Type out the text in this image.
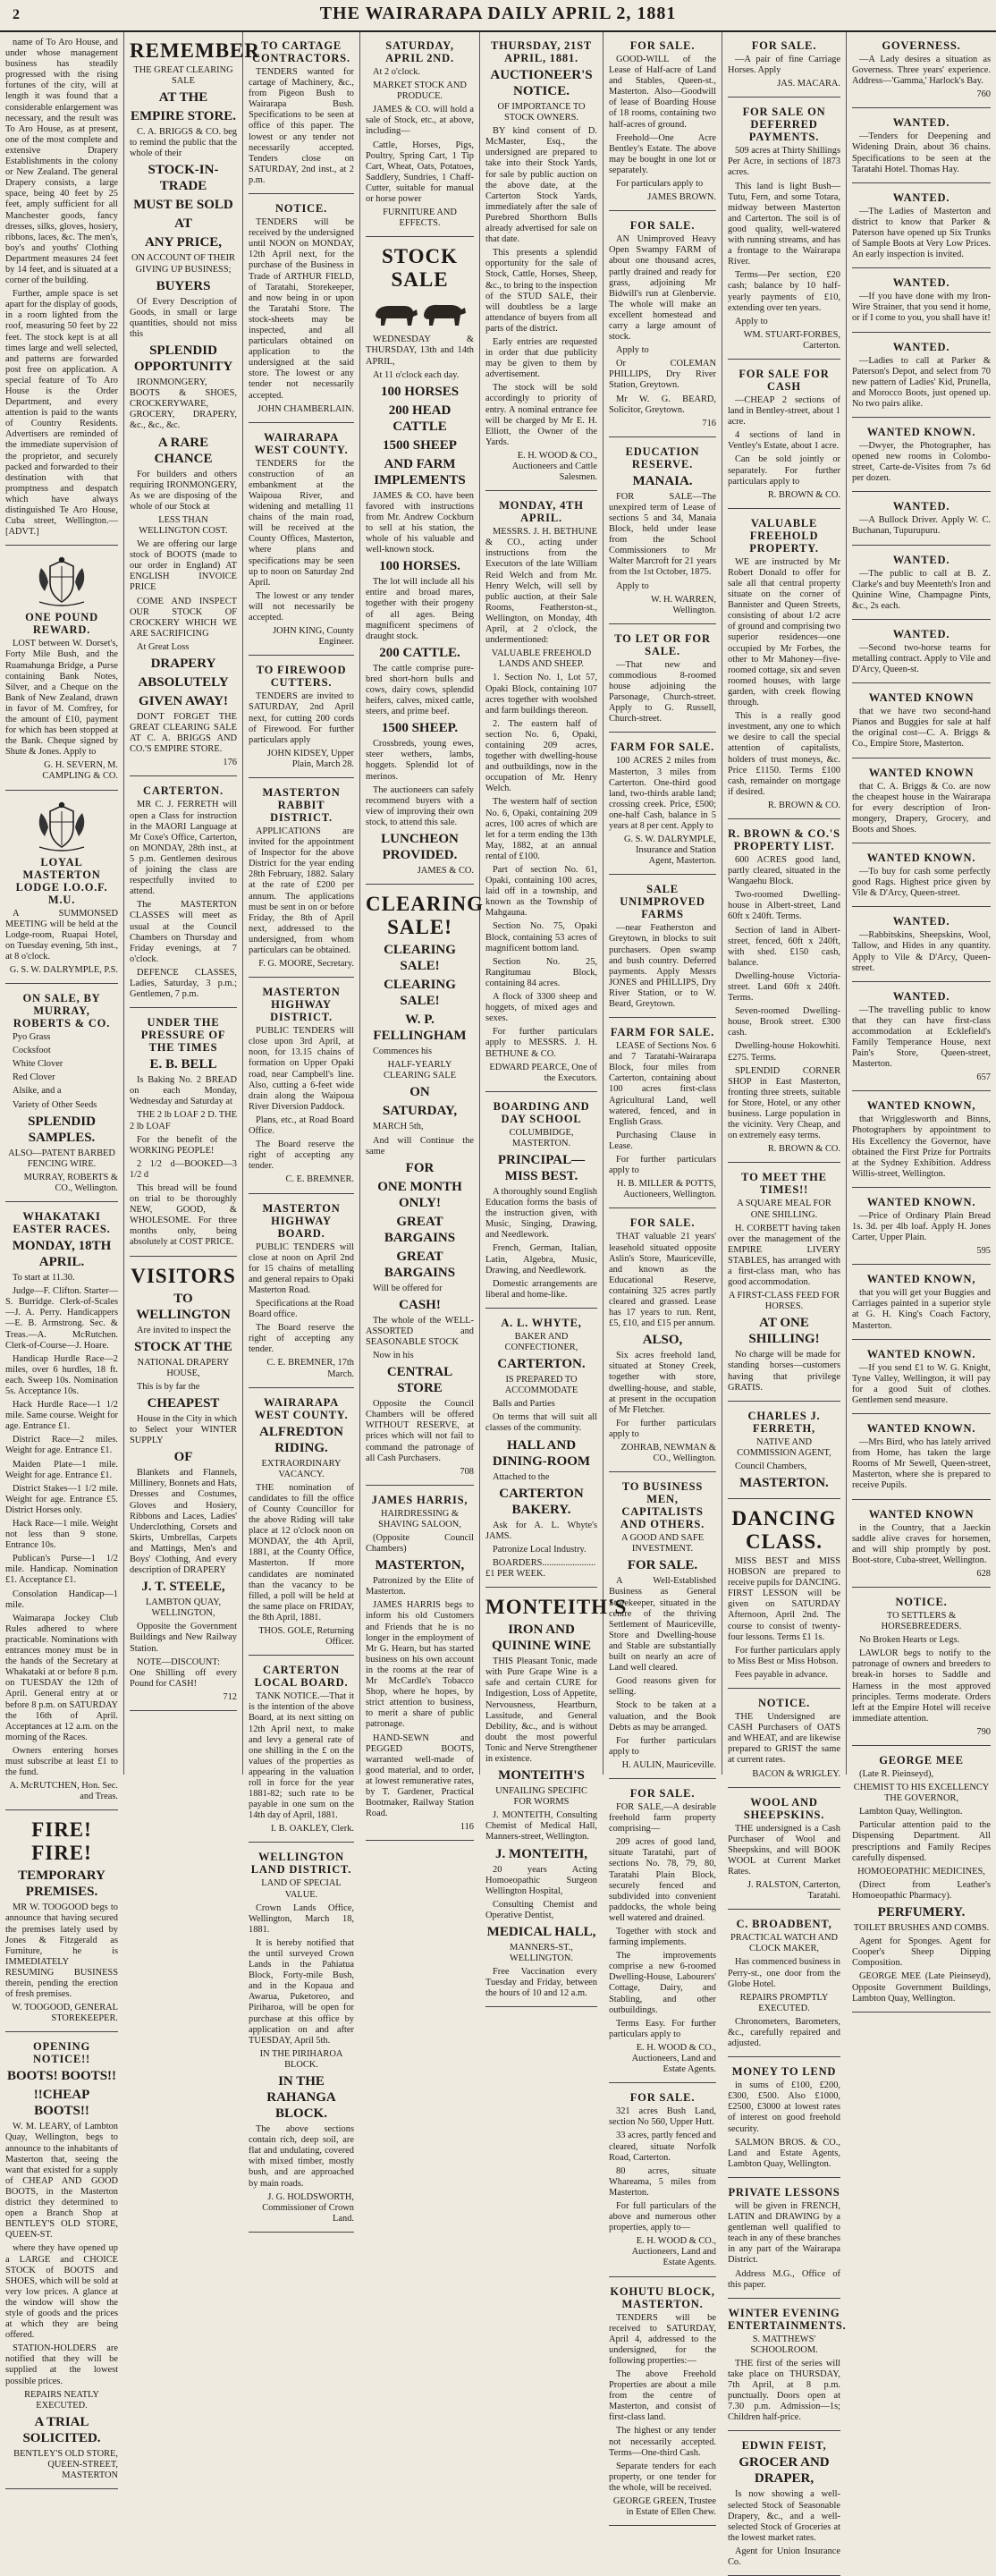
2	THE WAIRARAPA DAILY APRIL 2, 1881

name of To Aro House, and under whose management business has steadily progressed with the rising fortunes of the city, will at length it was found that a considerable enlargement was necessary, and the result was To Aro House, as at present, one of the most complete and extensive Drapery Establishments in the colony or New Zealand. The general Drapery consists, a large space, being 40 feet by 25 feet, amply sufficient for all Manchester goods, fancy dresses, silks, gloves, hosiery, ribbons, laces, &c. The men's, boy's and youths' Clothing Department measures 24 feet by 14 feet, and is situated at a corner of the building.

Further, ample space is set apart for the display of goods, in a room lighted from the roof, measuring 50 feet by 22 feet. The stock kept is at all times large and well selected, and patterns are forwarded post free on application. A special feature of To Aro House is the Order Department, and every attention is paid to the wants of Country Residents. Advertisers are reminded of the immediate supervision of the proprietor, and securely packed and forwarded to their destination with that promptness and despatch which have always distinguished Te Aro House, Cuba street, Wellington.—[ADVT.]

ONE POUND REWARD.

LOST between W. Dorset's, Forty Mile Bush, and the Ruamahunga Bridge, a Purse containing Bank Notes, Silver, and a Cheque on the Bank of New Zealand, drawn in favor of M. Comfrey, for the amount of £10, payment for which has been stopped at the Bank. Cheque signed by Shute & Jones. Apply to

G. H. SEVERN, M. CAMPLING & CO.

LOYAL MASTERTON LODGE I.O.O.F. M.U.

A SUMMONSED MEETING will be held at the Lodge-room, Ruapai Hotel, on Tuesday evening, 5th inst., at 8 o'clock.

G. S. W. DALRYMPLE, P.S.

ON SALE, BY MURRAY, ROBERTS & CO.

Pyo Grass

Cocksfoot

White Clover

Red Clover

Alsike, and a

Variety of Other Seeds

SPLENDID SAMPLES.

ALSO—PATENT BARBED FENCING WIRE.

MURRAY, ROBERTS & CO., Wellington.

WHAKATAKI EASTER RACES.

MONDAY, 18TH APRIL.

To start at 11.30.

Judge—F. Clifton. Starter—S. Burridge. Clerk-of-Scales—J. A. Perry. Handicappers—E. B. Armstrong. Sec. & Treas.—A. McRutchen. Clerk-of-Course—J. Hoare.

Handicap Hurdle Race—2 miles, over 6 hurdles, 18 ft. each. Sweep 10s. Nomination 5s. Acceptance 10s.

Hack Hurdle Race—1 1/2 mile. Same course. Weight for age. Entrance £1.

District Race—2 miles. Weight for age. Entrance £1.

Maiden Plate—1 mile. Weight for age. Entrance £1.

District Stakes—1 1/2 mile. Weight for age. Entrance £5. District Horses only.

Hack Race—1 mile. Weight not less than 9 stone. Entrance 10s.

Publican's Purse—1 1/2 mile. Handicap. Nomination £1. Acceptance £1.

Consolation Handicap—1 mile.

Waimarapa Jockey Club Rules adhered to where practicable. Nominations with entrances money must be in the hands of the Secretary at Whakataki at or before 8 p.m. on TUESDAY the 12th of April. General entry at or before 8 p.m. on SATURDAY the 16th of April. Acceptances at 12 a.m. on the morning of the Races.

Owners entering horses must subscribe at least £1 to the fund.

A. McRUTCHEN, Hon. Sec. and Treas.

FIRE! FIRE!

TEMPORARY PREMISES.

MR W. TOOGOOD begs to announce that having secured the premises lately used by Jones & Fitzgerald as Furniture, he is IMMEDIATELY RESUMING BUSINESS therein, pending the erection of fresh premises.

W. TOOGOOD, GENERAL STOREKEEPER.

OPENING NOTICE!!

BOOTS! BOOTS!!

!!CHEAP BOOTS!!

W. M. LEARY, of Lambton Quay, Wellington, begs to announce to the inhabitants of Masterton that, seeing the want that existed for a supply of CHEAP AND GOOD BOOTS, in the Masterton district they determined to open a Branch Shop at BENTLEY'S OLD STORE, QUEEN-ST.

where they have opened up a LARGE and CHOICE STOCK of BOOTS and SHOES, which will be sold at very low prices. A glance at the window will show the style of goods and the prices at which they are being offered.

STATION-HOLDERS are notified that they will be supplied at the lowest possible prices.

REPAIRS NEATLY EXECUTED.

A TRIAL SOLICITED.

BENTLEY'S OLD STORE, QUEEN-STREET, MASTERTON

REMEMBER

THE GREAT CLEARING SALE

AT THE

EMPIRE STORE.

C. A. BRIGGS & CO. beg to remind the public that the whole of their

STOCK-IN-TRADE

MUST BE SOLD

AT

ANY PRICE,

ON ACCOUNT OF THEIR GIVING UP BUSINESS;

BUYERS

Of Every Description of Goods, in small or large quantities, should not miss this

SPLENDID OPPORTUNITY

IRONMONGERY, BOOTS & SHOES, CROCKERYWARE, GROCERY, DRAPERY, &c., &c., &c.

A RARE CHANCE

For builders and others requiring IRONMONGERY, As we are disposing of the whole of our Stock at

LESS THAN WELLINGTON COST.

We are offering our large stock of BOOTS (made to our order in England) AT ENGLISH INVOICE PRICE

COME AND INSPECT OUR STOCK OF CROCKERY WHICH WE ARE SACRIFICING

At Great Loss

DRAPERY

ABSOLUTELY

GIVEN AWAY!

DON'T FORGET THE GREAT CLEARING SALE AT C. A. BRIGGS AND CO.'S EMPIRE STORE.

176

CARTERTON.

MR C. J. FERRETH will open a Class for instruction in the MAORI Language at Mr Coxe's Office, Carterton, on MONDAY, 28th inst., at 5 p.m. Gentlemen desirous of joining the class are respectfully invited to attend.

The MASTERTON CLASSES will meet as usual at the Council Chambers on Thursday and Friday evenings, at 7 o'clock.

DEFENCE CLASSES, Ladies, Saturday, 3 p.m.; Gentlemen, 7 p.m.

UNDER THE PRESSURE OF THE TIMES

E. B. BELL

Is Baking No. 2 BREAD on each Monday, Wednesday and Saturday at

THE 2 lb LOAF 2 D. THE 2 lb LOAF

For the benefit of the WORKING PEOPLE!

2 1/2 d—BOOKED—3 1/2 d

This bread will be found on trial to be thoroughly NEW, GOOD, & WHOLESOME. For three months only, being absolutely at COST PRICE.

VISITORS

TO WELLINGTON

Are invited to inspect the

STOCK AT THE

NATIONAL DRAPERY HOUSE,

This is by far the

CHEAPEST

House in the City in which to Select your WINTER SUPPLY

OF

Blankets and Flannels, Millinery, Bonnets and Hats, Dresses and Costumes, Gloves and Hosiery, Ribbons and Laces, Ladies' Underclothing, Corsets and Skirts, Umbrellas, Carpets and Mattings, Men's and Boys' Clothing, And every description of DRAPERY

J. T. STEELE,

LAMBTON QUAY, WELLINGTON,

Opposite the Government Buildings and New Railway Station.

NOTE—DISCOUNT: One Shilling off every Pound for CASH!

712

TO CARTAGE CONTRACTORS.

TENDERS wanted for cartage of Machinery, &c., from Pigeon Bush to Wairarapa Bush. Specifications to be seen at office of this paper. The lowest or any tender not necessarily accepted. Tenders close on SATURDAY, 2nd inst., at 2 p.m.

NOTICE.

TENDERS will be received by the undersigned until NOON on MONDAY, 12th April next, for the purchase of the Business in Trade of ARTHUR FIELD, of Taratahi, Storekeeper, and now being in or upon the Taratahi Store. The stock-sheets may be inspected, and all particulars obtained on application to the undersigned at the said store. The lowest or any tender not necessarily accepted.

JOHN CHAMBERLAIN.

WAIRARAPA WEST COUNTY.

TENDERS for the construction of an embankment at the Waipoua River, and widening and metalling 11 chains of the main road, will be received at the County Offices, Masterton, where plans and specifications may be seen up to noon on Saturday 2nd April.

The lowest or any tender will not necessarily be accepted.

JOHN KING, County Engineer.

TO FIREWOOD CUTTERS.

TENDERS are invited to SATURDAY, 2nd April next, for cutting 200 cords of Firewood. For further particulars apply

JOHN KIDSEY, Upper Plain, March 28.

MASTERTON RABBIT DISTRICT.

APPLICATIONS are invited for the appointment of Inspector for the above District for the year ending 28th February, 1882. Salary at the rate of £200 per annum. The applications must be sent in on or before Friday, the 8th of April next, addressed to the undersigned, from whom particulars can be obtained.

F. G. MOORE, Secretary.

MASTERTON HIGHWAY DISTRICT.

PUBLIC TENDERS will close upon 3rd April, at noon, for 13.15 chains of formation on Upper Opaki road, near Campbell's line. Also, cutting a 6-feet wide drain along the Waipoua River Diversion Paddock.

Plans, etc., at Road Board Office.

The Board reserve the right of accepting any tender.

C. E. BREMNER.

MASTERTON HIGHWAY BOARD.

PUBLIC TENDERS will close at noon on April 2nd for 15 chains of metalling and general repairs to Opaki Masterton Road.

Specifications at the Road Board office.

The Board reserve the right of accepting any tender.

C. E. BREMNER, 17th March.

WAIRARAPA WEST COUNTY.

ALFREDTON RIDING.

EXTRAORDINARY VACANCY.

THE nomination of candidates to fill the office of County Councillor for the above Riding will take place at 12 o'clock noon on MONDAY, the 4th April, 1881, at the County Office, Masterton. If more candidates are nominated than the vacancy to be filled, a poll will be held at the same place on FRIDAY, the 8th April, 1881.

THOS. GOLE, Returning Officer.

CARTERTON LOCAL BOARD.

TANK NOTICE.—That it is the intention of the above Board, at its next sitting on 12th April next, to make and levy a general rate of one shilling in the £ on the values of the properties as appearing in the valuation roll in force for the year 1881-82; such rate to be payable in one sum on the 14th day of April, 1881.

I. B. OAKLEY, Clerk.

WELLINGTON LAND DISTRICT.

LAND OF SPECIAL VALUE.

Crown Lands Office, Wellington, March 18, 1881.

It is hereby notified that the until surveyed Crown Lands in the Pahiatua Block, Forty-mile Bush, and in the Kopaua and Awarua, Puketoreo, and Piriharoa, will be open for purchase at this office by application on and after TUESDAY, April 5th.

IN THE PIRIHAROA BLOCK.

IN THE RAHANGA BLOCK.

The above sections contain rich, deep soil, are flat and undulating, covered with mixed timber, mostly bush, and are approached by main roads.

J. G. HOLDSWORTH, Commissioner of Crown Land.

SATURDAY, APRIL 2ND.

At 2 o'clock.

MARKET STOCK AND PRODUCE.

JAMES & CO. will hold a sale of Stock, etc., at above, including—

Cattle, Horses, Pigs, Poultry, Spring Cart, 1 Tip Cart, Wheat, Oats, Potatoes, Saddlery, Sundries, 1 Chaff-Cutter, suitable for manual or horse power

FURNITURE AND EFFECTS.

STOCK SALE

WEDNESDAY & THURSDAY, 13th and 14th APRIL,

At 11 o'clock each day.

100 HORSES

200 HEAD CATTLE

1500 SHEEP

AND FARM IMPLEMENTS

JAMES & CO. have been favored with instructions from Mr. Andrew Cockburn to sell at his station, the whole of his valuable and well-known stock.

100 HORSES.

The lot will include all his entire and broad mares, together with their progeny of all ages. Being magnificent specimens of draught stock.

200 CATTLE.

The cattle comprise pure-bred short-horn bulls and cows, dairy cows, splendid heifers, calves, mixed cattle, steers, and prime beef.

1500 SHEEP.

Crossbreds, young ewes, steer wethers, lambs, hoggets. Splendid lot of merinos.

The auctioneers can safely recommend buyers with a view of improving their own stock, to attend this sale.

LUNCHEON PROVIDED.

JAMES & CO.

CLEARING SALE!

CLEARING SALE!

CLEARING SALE!

W. P. FELLINGHAM

Commences his

HALF-YEARLY CLEARING SALE

ON

SATURDAY,

MARCH 5th,

And will Continue the same

FOR

ONE MONTH ONLY!

GREAT BARGAINS

GREAT BARGAINS

Will be offered for

CASH!

The whole of the WELL-ASSORTED and SEASONABLE STOCK

Now in his

CENTRAL STORE

Opposite the Council Chambers will be offered WITHOUT RESERVE, at prices which will not fail to command the patronage of all Cash Purchasers.

708

JAMES HARRIS,

HAIRDRESSING & SHAVING SALOON,

(Opposite Council Chambers)

MASTERTON,

Patronized by the Elite of Masterton.

JAMES HARRIS begs to inform his old Customers and Friends that he is no longer in the employment of Mr G. Hearn, but has started business on his own account in the rooms at the rear of Mr McCardle's Tobacco Shop, where he hopes, by strict attention to business, to merit a share of public patronage.

HAND-SEWN and PEGGED BOOTS, warranted well-made of good material, and to order, at lowest remunerative rates, by T. Gardener, Practical Bootmaker, Railway Station Road.

116

THURSDAY, 21ST APRIL, 1881.

AUCTIONEER'S NOTICE.

OF IMPORTANCE TO STOCK OWNERS.

BY kind consent of D. McMaster, Esq., the undersigned are prepared to take into their Stock Yards, for sale by public auction on the above date, at the Carterton Stock Yards, immediately after the sale of Purebred Shorthorn Bulls already advertised for sale on that date.

This presents a splendid opportunity for the sale of Stock, Cattle, Horses, Sheep, &c., to bring to the inspection of the STUD SALE, their will doubtless be a large attendance of buyers from all parts of the district.

Early entries are requested in order that due publicity may be given to them by advertisement.

The stock will be sold accordingly to priority of entry. A nominal entrance fee will be charged by Mr E. H. Elliott, the Owner of the Yards.

E. H. WOOD & CO., Auctioneers and Cattle Salesmen.

MONDAY, 4TH APRIL.

MESSRS. J. H. BETHUNE & CO., acting under instructions from the Executors of the late William Reid Welch and from Mr. Henry Welch, will sell by public auction, at their Sale Rooms, Featherston-st., Wellington, on Monday, 4th April, at 2 o'clock, the undermentioned:

VALUABLE FREEHOLD LANDS AND SHEEP.

1. Section No. 1, Lot 57, Opaki Block, containing 107 acres together with woolshed and farm buildings thereon.

2. The eastern half of section No. 6, Opaki, containing 209 acres, together with dwelling-house and outbuildings, now in the occupation of Mr. Henry Welch.

The western half of section No. 6, Opaki, containing 209 acres, 100 acres of which are let for a term ending the 13th May, 1882, at an annual rental of £100.

Part of section No. 61, Opaki, containing 100 acres, laid off in a township, and known as the Township of Mahgauna.

Section No. 75, Opaki Block, containing 53 acres of magnificent bottom land.

Section No. 25, Rangitumau Block, containing 84 acres.

A flock of 3300 sheep and hoggets, of mixed ages and sexes.

For further particulars apply to MESSRS. J. H. BETHUNE & CO.

EDWARD PEARCE, One of the Executors.

BOARDING AND DAY SCHOOL

COLUMBIDGE, MASTERTON.

PRINCIPAL—MISS BEST.

A thoroughly sound English Education forms the basis of the instruction given, with Music, Singing, Drawing, and Needlework.

French, German, Italian, Latin, Algebra, Music, Drawing, and Needlework.

Domestic arrangements are liberal and home-like.

A. L. WHYTE,

BAKER AND CONFECTIONER,

CARTERTON.

IS PREPARED TO ACCOMMODATE

Balls and Parties

On terms that will suit all classes of the community.

HALL AND DINING-ROOM

Attached to the

CARTERTON BAKERY.

Ask for A. L. Whyte's JAMS.

Patronize Local Industry.

BOARDERS.......................£1 PER WEEK.

MONTEITH'S

IRON AND QUININE WINE

THIS Pleasant Tonic, made with Pure Grape Wine is a safe and certain CURE for Indigestion, Loss of Appetite, Nervousness, Heartburn, Lassitude, and General Debility, &c., and is without doubt the most powerful Tonic and Nerve Strengthener in existence.

MONTEITH'S

UNFAILING SPECIFIC FOR WORMS

J. MONTEITH, Consulting Chemist of Medical Hall, Manners-street, Wellington.

J. MONTEITH,

20 years Acting Homoeopathic Surgeon Wellington Hospital,

Consulting Chemist and Operative Dentist,

MEDICAL HALL,

MANNERS-ST., WELLINGTON.

Free Vaccination every Tuesday and Friday, between the hours of 10 and 12 a.m.

FOR SALE.

GOOD-WILL of the Lease of Half-acre of Land and Stables, Queen-st., Masterton. Also—Goodwill of lease of Boarding House of 18 rooms, containing two half-acres of ground.

Freehold—One Acre Bentley's Estate. The above may be bought in one lot or separately.

For particulars apply to

JAMES BROWN.

FOR SALE.

AN Unimproved Heavy Open Swampy FARM of about one thousand acres, partly drained and ready for grass, adjoining Mr Bidwill's run at Glenbervie. The whole will make an excellent homestead and carry a large amount of stock.

Apply to

Or COLEMAN PHILLIPS, Dry River Station, Greytown.

Mr W. G. BEARD, Solicitor, Greytown.

716

EDUCATION RESERVE.

MANAIA.

FOR SALE—The unexpired term of Lease of sections 5 and 34, Manaia Block, held under lease from the School Commissioners to Mr Walter Marcroft for 21 years from the 1st October, 1875.

Apply to

W. H. WARREN, Wellington.

TO LET OR FOR SALE.

—That new and commodious 8-roomed house adjoining the Parsonage, Church-street. Apply to G. Russell, Church-street.

FARM FOR SALE.

100 ACRES 2 miles from Masterton, 3 miles from Carterton. One-third good land, two-thirds arable land; crossing creek. Price, £500; one-half Cash, balance in 5 years at 8 per cent. Apply to

G. S. W. DALRYMPLE, Insurance and Station Agent, Masterton.

SALE UNIMPROVED FARMS

—near Featherston and Greytown, in blocks to suit purchasers. Open swamp and bush country. Deferred payments. Apply Messrs JONES and PHILLIPS, Dry River Station, or to W. Beard, Greytown.

FARM FOR SALE.

LEASE of Sections Nos. 6 and 7 Taratahi-Wairarapa Block, four miles from Carterton, containing about 100 acres first-class Agricultural Land, well watered, fenced, and in English Grass.

Purchasing Clause in Lease.

For further particulars apply to

H. B. MILLER & POTTS, Auctioneers, Wellington.

FOR SALE.

THAT valuable 21 years' leasehold situated opposite Aslin's Store, Mauriceville, and known as the Educational Reserve, containing 325 acres partly cleared and grassed. Lease has 17 years to run. Rent, £5, £10, and £15 per annum.

ALSO,

Six acres freehold land, situated at Stoney Creek, together with store, dwelling-house, and stable, at present in the occupation of Mr Fletcher.

For further particulars apply to

ZOHRAB, NEWMAN & CO., Wellington.

TO BUSINESS MEN, CAPITALISTS AND OTHERS.

A GOOD AND SAFE INVESTMENT.

FOR SALE.

A Well-Established Business as General Storekeeper, situated in the centre of the thriving Settlement of Mauriceville, Store and Dwelling-house and Stable are substantially built on nearly an acre of Land well cleared.

Good reasons given for selling.

Stock to be taken at a valuation, and the Book Debts as may be arranged.

For further particulars apply to

H. AULIN, Mauriceville.

FOR SALE.

FOR SALE,—A desirable freehold farm property comprising—

209 acres of good land, situate Taratahi, part of sections No. 78, 79, 80, Taratahi Plain Block, securely fenced and subdivided into convenient paddocks, the whole being well watered and drained.

Together with stock and farming implements.

The improvements comprise a new 6-roomed Dwelling-House, Labourers' Cottage, Dairy, and Stabling, and other outbuildings.

Terms Easy. For further particulars apply to

E. H. WOOD & CO., Auctioneers, Land and Estate Agents.

FOR SALE.

321 acres Bush Land, section No 560, Upper Hutt.

33 acres, partly fenced and cleared, situate Norfolk Road, Carterton.

80 acres, situate Whareama, 5 miles from Masterton.

For full particulars of the above and numerous other properties, apply to—

E. H. WOOD & CO., Auctioneers, Land and Estate Agents.

KOHUTU BLOCK, MASTERTON.

TENDERS will be received to SATURDAY, April 4, addressed to the undersigned, for the following properties:—

The above Freehold Properties are about a mile from the centre of Masterton, and consist of first-class land.

The highest or any tender not necessarily accepted. Terms—One-third Cash.

Separate tenders for each property, or one tender for the whole, will be received.

GEORGE GREEN, Trustee in Estate of Ellen Chew.

FOR SALE.

—A pair of fine Carriage Horses. Apply

JAS. MACARA.

FOR SALE ON DEFERRED PAYMENTS.

509 acres at Thirty Shillings Per Acre, in sections of 1873 acres.

This land is light Bush—Tutu, Fern, and some Totara, midway between Masterton and Carterton. The soil is of good quality, well-watered with running streams, and has a frontage to the Wairarapa River.

Terms—Per section, £20 cash; balance by 10 half-yearly payments of £10, extending over ten years.

Apply to

WM. STUART-FORBES, Carterton.

FOR SALE FOR CASH

—CHEAP 2 sections of land in Bentley-street, about 1 acre.

4 sections of land in Ventley's Estate, about 1 acre.

Can be sold jointly or separately. For further particulars apply to

R. BROWN & CO.

VALUABLE FREEHOLD PROPERTY.

WE are instructed by Mr Robert Donald to offer for sale all that central property situate on the corner of Bannister and Queen Streets, consisting of about 1/2 acre of ground and comprising two superior residences—one occupied by Mr Forbes, the other to Mr Mahoney—five-roomed cottage, six and seven roomed houses, with large garden, with creek flowing through.

This is a really good investment, any one to which we desire to call the special attention of capitalists, holders of trust moneys, &c. Price £1150. Terms £100 cash, remainder on mortgage if desired.

R. BROWN & CO.

R. BROWN & CO.'S PROPERTY LIST.

600 ACRES good land, partly cleared, situated in the Wangaehu Block.

Two-roomed Dwelling-house in Albert-street, Land 60ft x 240ft. Terms.

Section of land in Albert-street, fenced, 60ft x 240ft, with shed. £150 cash, balance.

Dwelling-house Victoria-street. Land 60ft x 240ft. Terms.

Seven-roomed Dwelling-house, Brook street. £300 cash.

Dwelling-house Hokowhiti. £275. Terms.

SPLENDID CORNER SHOP in East Masterton, fronting three streets, suitable for Store, Hotel, or any other business. Large population in the vicinity. Very Cheap, and on extremely easy terms.

R. BROWN & CO.

TO MEET THE TIMES!!

A SQUARE MEAL FOR ONE SHILLING.

H. CORBETT having taken over the management of the EMPIRE LIVERY STABLES, has arranged with a first-class man, who has good accommodation.

A FIRST-CLASS FEED FOR HORSES.

AT ONE SHILLING!

No charge will be made for standing horses—customers having that privilege GRATIS.

CHARLES J. FERRETH,

NATIVE AND COMMISSION AGENT,

Council Chambers,

MASTERTON.

DANCING CLASS.

MISS BEST and MISS HOBSON are prepared to receive pupils for DANCING. FIRST LESSON will be given on SATURDAY Afternoon, April 2nd. The course to consist of twenty-four lessons. Terms £1 1s.

For further particulars apply to Miss Best or Miss Hobson.

Fees payable in advance.

NOTICE.

THE Undersigned are CASH Purchasers of OATS and WHEAT, and are likewise prepared to GRIST the same at current rates.

BACON & WRIGLEY.

WOOL AND SHEEPSKINS.

THE undersigned is a Cash Purchaser of Wool and Sheepskins, and will BOOK WOOL at Current Market Rates.

J. RALSTON, Carterton, Taratahi.

C. BROADBENT,

PRACTICAL WATCH AND CLOCK MAKER,

Has commenced business in Perry-st., one door from the Globe Hotel.

REPAIRS PROMPTLY EXECUTED.

Chronometers, Barometers, &c., carefully repaired and adjusted.

MONEY TO LEND

in sums of £100, £200, £300, £500. Also £1000, £2500, £3000 at lowest rates of interest on good freehold security.

SALMON BROS. & CO., Land and Estate Agents, Lambton Quay, Wellington.

PRIVATE LESSONS

will be given in FRENCH, LATIN and DRAWING by a gentleman well qualified to teach in any of these branches in any part of the Wairarapa District.

Address M.G., Office of this paper.

WINTER EVENING ENTERTAINMENTS.

S. MATTHEWS' SCHOOLROOM.

THE first of the series will take place on THURSDAY, 7th April, at 8 p.m. punctually. Doors open at 7.30 p.m. Admission—1s; Children half-price.

EDWIN FEIST,

GROCER AND DRAPER,

Is now showing a well-selected Stock of Seasonable Drapery, &c., and a well-selected Stock of Groceries at the lowest market rates.

Agent for Union Insurance Co.

GOVERNESS.

—A Lady desires a situation as Governess. Three years' experience. Address—'Gamma,' Harlock's Bay.

760

WANTED.

—Tenders for Deepening and Widening Drain, about 36 chains. Specifications to be seen at the Taratahi Hotel. Thomas Hay.

WANTED.

—The Ladies of Masterton and district to know that Parker & Paterson have opened up Six Trunks of Sample Boots at Very Low Prices. An early inspection is invited.

WANTED.

—If you have done with my Iron-Wire Strainer, that you send it home, or if I come to you, you shall have it!

WANTED.

—Ladies to call at Parker & Paterson's Depot, and select from 70 new pattern of Ladies' Kid, Prunella, and Morocco Boots, just opened up. No two pairs alike.

WANTED KNOWN.

—Dwyer, the Photographer, has opened new rooms in Colombo-street, Carte-de-Visites from 7s 6d per dozen.

WANTED.

—A Bullock Driver. Apply W. C. Buchanan, Tupurupuru.

WANTED.

—The public to call at B. Z. Clarke's and buy Meenteth's Iron and Quinine Wine, Champagne Pints, &c., 2s each.

WANTED.

—Second two-horse teams for metalling contract. Apply to Vile and D'Arcy, Queen-st.

WANTED KNOWN

that we have two second-hand Pianos and Buggies for sale at half the original cost—C. A. Briggs & Co., Empire Store, Masterton.

WANTED KNOWN

that C. A. Briggs & Co. are now the cheapest house in the Wairarapa for every description of Iron-mongery, Drapery, Grocery, and Boots and Shoes.

WANTED KNOWN.

—To buy for cash some perfectly good Rags. Highest price given by Vile & D'Arcy, Queen-street.

WANTED.

—Rabbitskins, Sheepskins, Wool, Tallow, and Hides in any quantity. Apply to Vile & D'Arcy, Queen-street.

WANTED.

—The travelling public to know that they can have first-class accommodation at Ecklefield's Family Temperance House, next Pain's Store, Queen-street, Masterton.

657

WANTED KNOWN,

that Wrigglesworth and Binns, Photographers by appointment to His Excellency the Governor, have obtained the First Prize for Portraits at the Sydney Exhibition. Address Willis-street, Wellington.

WANTED KNOWN.

—Price of Ordinary Plain Bread 1s. 3d. per 4lb loaf. Apply H. Jones Carter, Upper Plain.

595

WANTED KNOWN,

that you will get your Buggies and Carriages painted in a superior style at G. H. King's Coach Factory, Masterton.

WANTED KNOWN.

—If you send £1 to W. G. Knight, Tyne Valley, Wellington, it will pay for a good Suit of clothes. Gentlemen send measure.

WANTED KNOWN.

—Mrs Bird, who has lately arrived from Home, has taken the large Rooms of Mr Sewell, Queen-street, Masterton, where she is prepared to receive Pupils.

WANTED KNOWN

in the Country, that a Jaeckin saddle alive craves for horsemen, and will ship promptly by post. Boot-store, Cuba-street, Wellington.

628

NOTICE.

TO SETTLERS & HORSEBREEDERS.

No Broken Hearts or Legs.

LAWLOR begs to notify to the patronage of owners and breeders to break-in horses to Saddle and Harness in the most approved principles. Terms moderate. Orders left at the Empire Hotel will receive immediate attention.

790

GEORGE MEE

(Late R. Pieinseyd),

CHEMIST TO HIS EXCELLENCY THE GOVERNOR,

Lambton Quay, Wellington.

Particular attention paid to the Dispensing Department. All prescriptions and Family Recipes carefully dispensed.

HOMOEOPATHIC MEDICINES,

(Direct from Leather's Homoeopathic Pharmacy).

PERFUMERY.

TOILET BRUSHES AND COMBS.

Agent for Sponges. Agent for Cooper's Sheep Dipping Composition.

GEORGE MEE (Late Pieinseyd), Opposite Government Buildings, Lambton Quay, Wellington.
